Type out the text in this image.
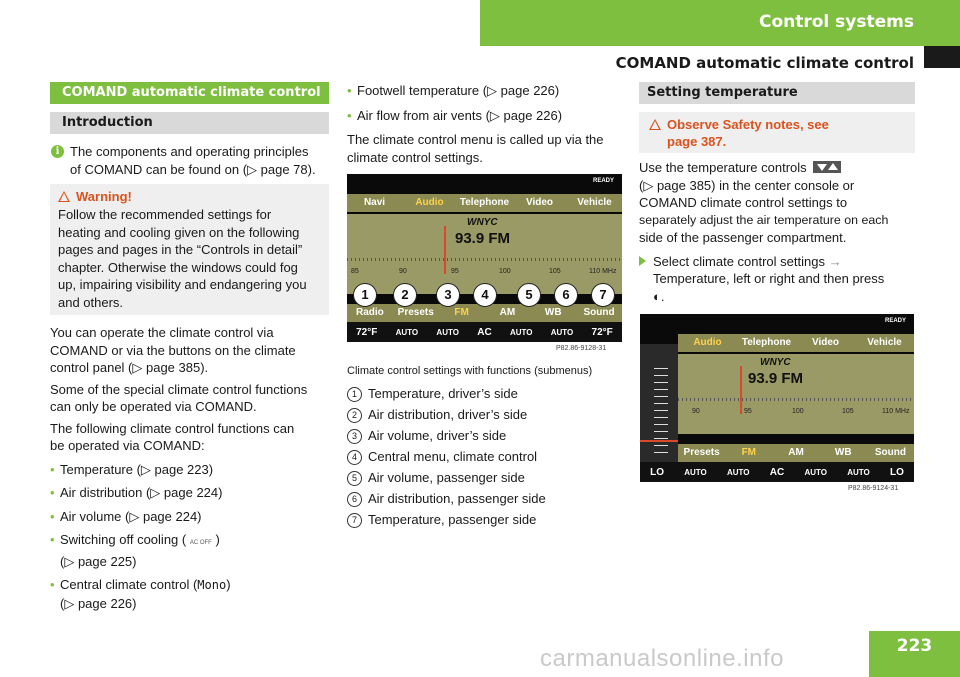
Control systems
COMAND automatic climate control
COMAND automatic climate control
Introduction
i The components and operating principles
of COMAND can be found on (▷ page 78).
Warning!
Follow the recommended settings for
heating and cooling given on the following
pages and pages in the “Controls in detail”
chapter. Otherwise the windows could fog
up, impairing visibility and endangering you
and others.
You can operate the climate control via
COMAND or via the buttons on the climate
control panel (▷ page 385).
Some of the special climate control functions
can only be operated via COMAND.
The following climate control functions can
be operated via COMAND:
• Temperature (▷ page 223)
• Air distribution (▷ page 224)
• Air volume (▷ page 224)
• Switching off cooling ( AC OFF )
(▷ page 225)
• Central climate control (Mono)
(▷ page 226)
• Footwell temperature (▷ page 226)
• Air flow from air vents (▷ page 226)
The climate control menu is called up via the
climate control settings.
READY
Navi	Audio	Telephone	Video	Vehicle
WNYC
93.9 FM
85	90	95	100	105	110 MHz
Radio	Presets	FM	AM	WB	Sound
72°F AUTO AUTO AC AUTO AUTO 72°F
1	2	3	4	5	6	7
P82.86-9128-31
Climate control settings with functions (submenus)
1 Temperature, driver’s side
2 Air distribution, driver’s side
3 Air volume, driver’s side
4 Central menu, climate control
5 Air volume, passenger side
6 Air distribution, passenger side
7 Temperature, passenger side
Setting temperature
Observe Safety notes, see
page 387.
Use the temperature controls
(▷ page 385) in the center console or
COMAND climate control settings to
separately adjust the air temperature on each
side of the passenger compartment.
Select climate control settings →
Temperature, left or right and then press
◐.
READY
Audio	Telephone	Video	Vehicle
WNYC
93.9 FM
90	95	100	105	110 MHz
Presets	FM	AM	WB	Sound
LO	AUTO	AUTO AC	AUTO	AUTO LO
P82.86-9124-31
carmanualsonline.info	223
